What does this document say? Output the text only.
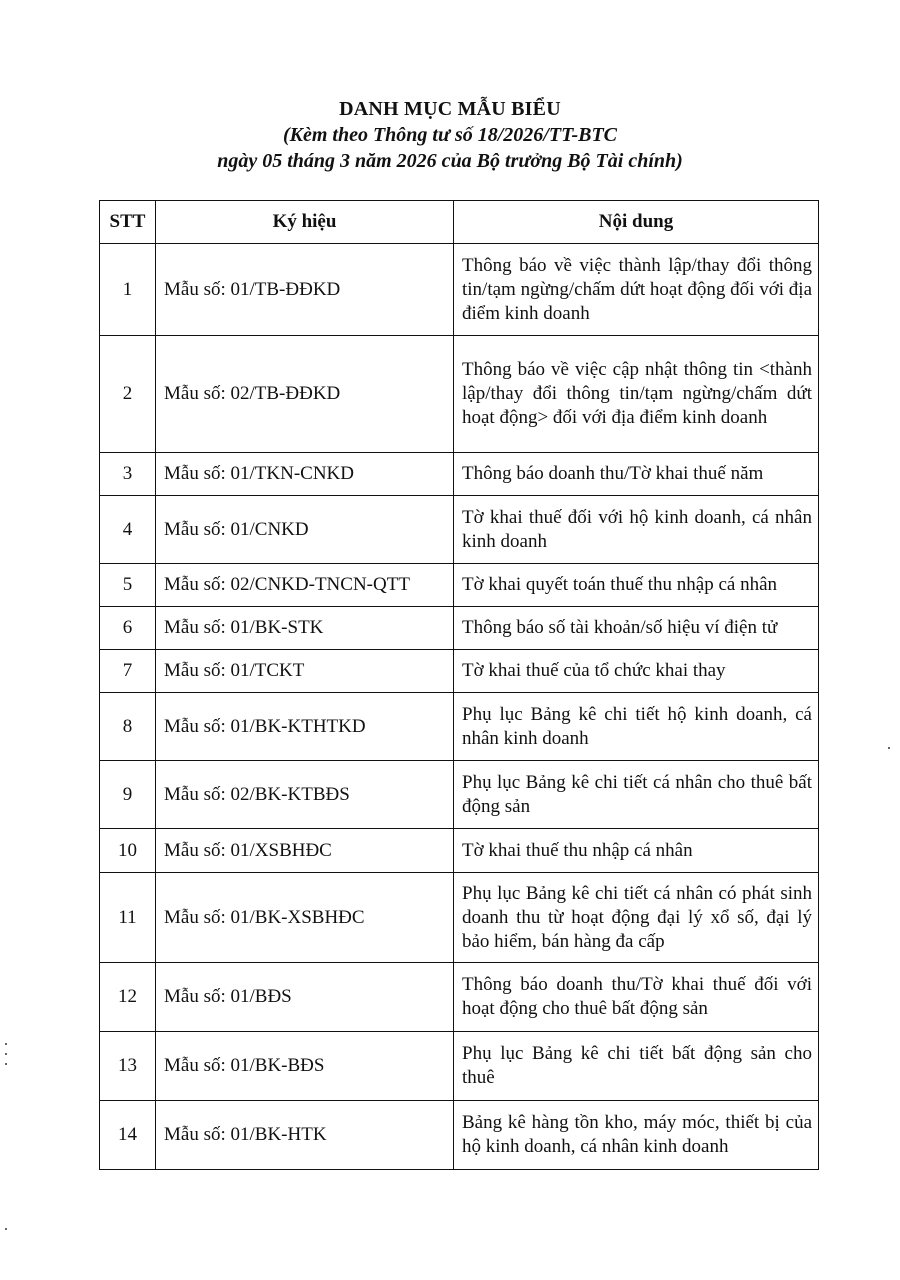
DANH MỤC MẪU BIỂU
(Kèm theo Thông tư số 18/2026/TT-BTC
ngày 05 tháng 3 năm 2026 của Bộ trưởng Bộ Tài chính)
STT	Ký hiệu	Nội dung
1	Mẫu số: 01/TB-ĐĐKD	Thông báo về việc thành lập/thay đổi thông tin/tạm ngừng/chấm dứt hoạt động đối với địa điểm kinh doanh
2	Mẫu số: 02/TB-ĐĐKD	Thông báo về việc cập nhật thông tin <thành lập/thay đổi thông tin/tạm ngừng/chấm dứt hoạt động> đối với địa điểm kinh doanh
3	Mẫu số: 01/TKN-CNKD	Thông báo doanh thu/Tờ khai thuế năm
4	Mẫu số: 01/CNKD	Tờ khai thuế đối với hộ kinh doanh, cá nhân kinh doanh
5	Mẫu số: 02/CNKD-TNCN-QTT	Tờ khai quyết toán thuế thu nhập cá nhân
6	Mẫu số: 01/BK-STK	Thông báo số tài khoản/số hiệu ví điện tử
7	Mẫu số: 01/TCKT	Tờ khai thuế của tổ chức khai thay
8	Mẫu số: 01/BK-KTHTKD	Phụ lục Bảng kê chi tiết hộ kinh doanh, cá nhân kinh doanh
9	Mẫu số: 02/BK-KTBĐS	Phụ lục Bảng kê chi tiết cá nhân cho thuê bất động sản
10	Mẫu số: 01/XSBHĐC	Tờ khai thuế thu nhập cá nhân
11	Mẫu số: 01/BK-XSBHĐC	Phụ lục Bảng kê chi tiết cá nhân có phát sinh doanh thu từ hoạt động đại lý xổ số, đại lý bảo hiểm, bán hàng đa cấp
12	Mẫu số: 01/BĐS	Thông báo doanh thu/Tờ khai thuế đối với hoạt động cho thuê bất động sản
13	Mẫu số: 01/BK-BĐS	Phụ lục Bảng kê chi tiết bất động sản cho thuê
14	Mẫu số: 01/BK-HTK	Bảng kê hàng tồn kho, máy móc, thiết bị của hộ kinh doanh, cá nhân kinh doanh
